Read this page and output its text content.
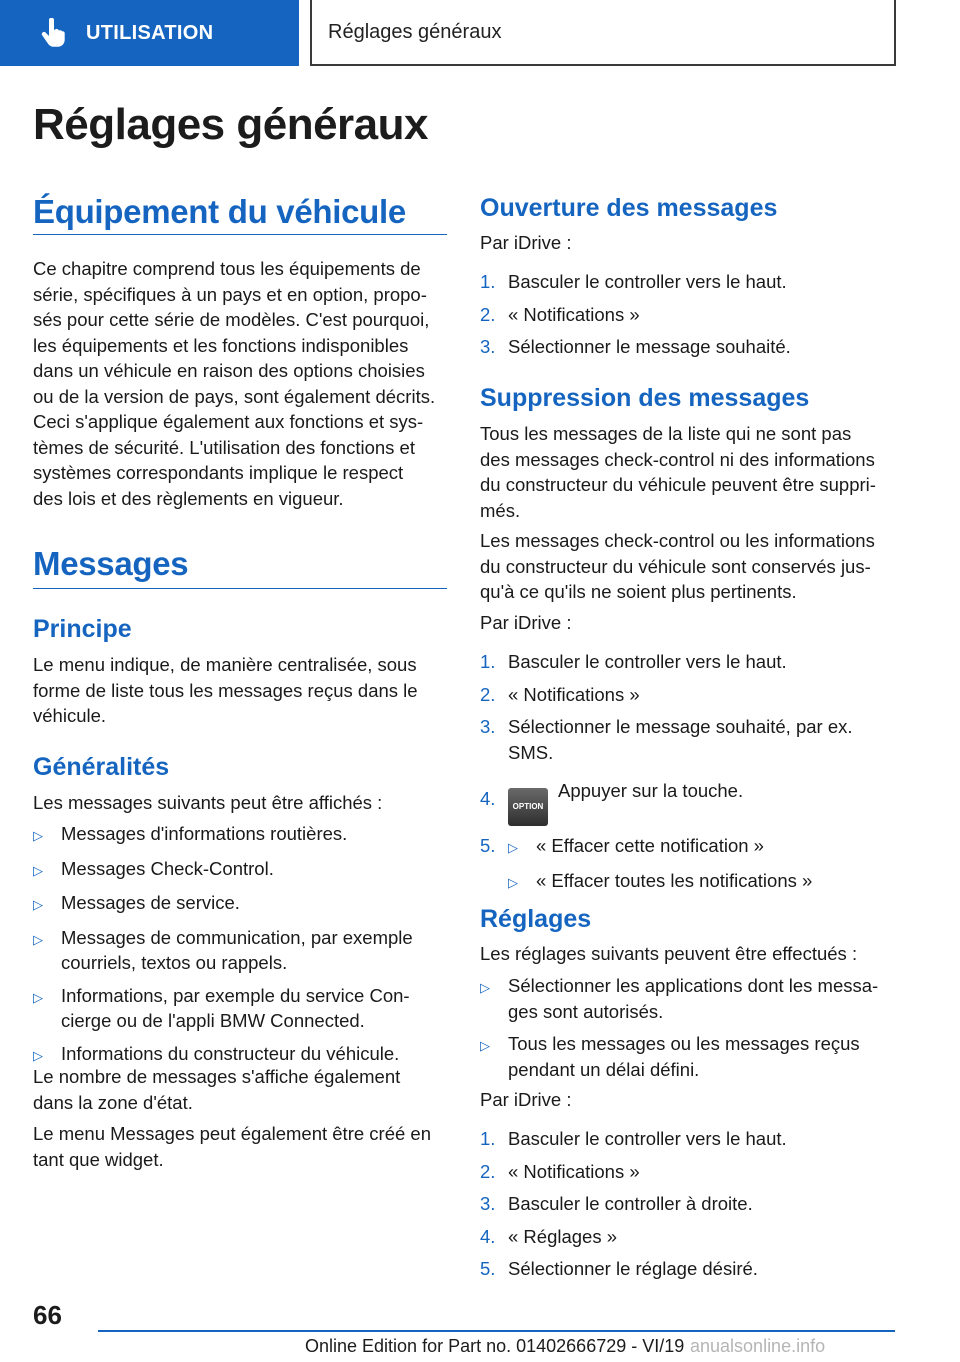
UTILISATION	Réglages généraux
Réglages généraux
Équipement du véhicule
Ce chapitre comprend tous les équipements de
série, spécifiques à un pays et en option, propo-
sés pour cette série de modèles. C'est pourquoi,
les équipements et les fonctions indisponibles
dans un véhicule en raison des options choisies
ou de la version de pays, sont également décrits.
Ceci s'applique également aux fonctions et sys-
tèmes de sécurité. L'utilisation des fonctions et
systèmes correspondants implique le respect
des lois et des règlements en vigueur.
Messages
Principe
Le menu indique, de manière centralisée, sous
forme de liste tous les messages reçus dans le
véhicule.
Généralités
Les messages suivants peut être affichés :
▷ Messages d'informations routières.
▷ Messages Check-Control.
▷ Messages de service.
▷ Messages de communication, par exemple
courriels, textos ou rappels.
▷ Informations, par exemple du service Con-
cierge ou de l'appli BMW Connected.
▷ Informations du constructeur du véhicule.
Le nombre de messages s'affiche également
dans la zone d'état.
Le menu Messages peut également être créé en
tant que widget.
Ouverture des messages
Par iDrive :
1. Basculer le controller vers le haut.
2. « Notifications »
3. Sélectionner le message souhaité.
Suppression des messages
Tous les messages de la liste qui ne sont pas
des messages check-control ni des informations
du constructeur du véhicule peuvent être suppri-
més.
Les messages check-control ou les informations
du constructeur du véhicule sont conservés jus-
qu'à ce qu'ils ne soient plus pertinents.
Par iDrive :
1. Basculer le controller vers le haut.
2. « Notifications »
3. Sélectionner le message souhaité, par ex.
SMS.
4.	OPTIONAppuyer sur la touche.
5. ▷ « Effacer cette notification »
▷ « Effacer toutes les notifications »
Réglages
Les réglages suivants peuvent être effectués :
▷ Sélectionner les applications dont les messa-
ges sont autorisés.
▷ Tous les messages ou les messages reçus
pendant un délai défini.
Par iDrive :
1. Basculer le controller vers le haut.
2. « Notifications »
3. Basculer le controller à droite.
4. « Réglages »
5. Sélectionner le réglage désiré.
66
Online Edition for Part no. 01402666729 - VI/19 anualsonline.info
